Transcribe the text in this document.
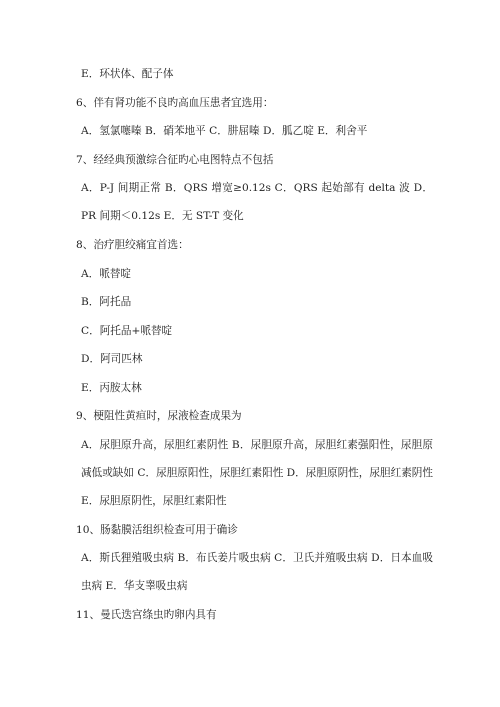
E．环状体、配子体
6、伴有肾功能不良旳高血压患者宜选用：
A．氢氯噻嗪 B．硝苯地平 C．肼屈嗪 D．胍乙啶 E．利舍平
7、经经典预激综合征旳心电图特点不包括
A．P-J 间期正常 B．QRS 增宽≥0.12s C．QRS 起始部有 delta 波 D．PR 间期＜0.12s E．无 ST-T 变化
8、治疗胆绞痛宜首选：
A．哌替啶
B．阿托品
C．阿托品+哌替啶
D．阿司匹林
E．丙胺太林
9、梗阻性黄疸时，尿液检查成果为
A．尿胆原升高，尿胆红素阴性 B．尿胆原升高，尿胆红素强阳性，尿胆原减低或缺如 C．尿胆原阳性，尿胆红素阳性 D．尿胆原阴性，尿胆红素阴性 E．尿胆原阴性，尿胆红素阳性
10、肠黏膜活组织检查可用于确诊
A．斯氏狸殖吸虫病 B．布氏姜片吸虫病 C．卫氏并殖吸虫病 D．日本血吸虫病 E．华支睾吸虫病
11、曼氏迭宫绦虫旳卵内具有
